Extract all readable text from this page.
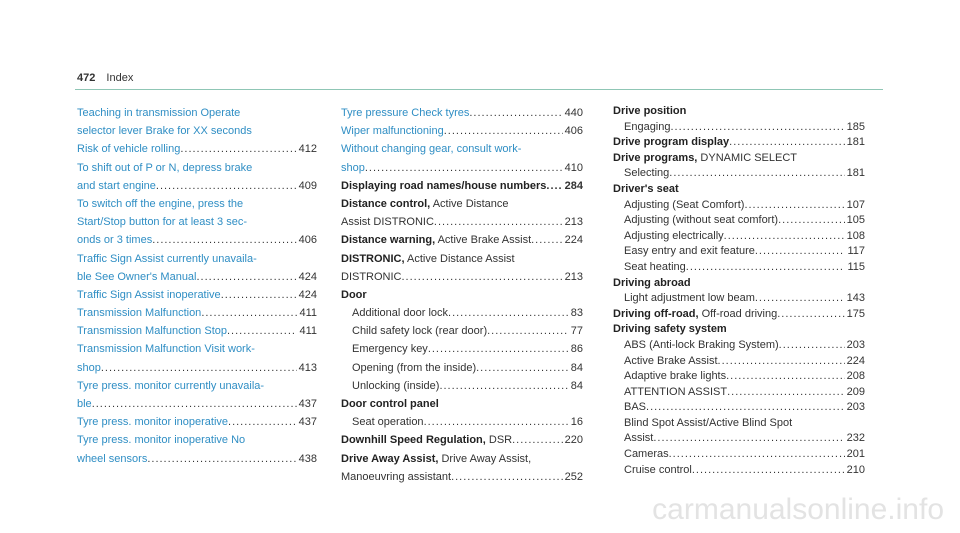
472 Index
Teaching in transmission Operate
selector lever Brake for XX seconds
Risk of vehicle rolling .....	412
To shift out of P or N, depress brake
and start engine .....	409
To switch off the engine, press the
Start/Stop button for at least 3 sec-
onds or 3 times .....	406
Traffic Sign Assist currently unavaila-
ble See Owner's Manual .....	424
Traffic Sign Assist inoperative .....	424
Transmission Malfunction .....	411
Transmission Malfunction Stop .....	411
Transmission Malfunction Visit work-
shop .....	413
Tyre press. monitor currently unavaila-
ble .....	437
Tyre press. monitor inoperative .....	437
Tyre press. monitor inoperative No
wheel sensors .....	438
Tyre pressure Check tyres .....	440
Wiper malfunctioning .....	406
Without changing gear, consult work-
shop .....	410
Displaying road names/house numbers ..... 284
Distance control, Active Distance
Assist DISTRONIC .....	213
Distance warning, Active Brake Assist .....	224
DISTRONIC, Active Distance Assist
DISTRONIC .....	213
Door
Additional door lock .....	83
Child safety lock (rear door) .....	77
Emergency key .....	86
Opening (from the inside) .....	84
Unlocking (inside) .....	84
Door control panel
Seat operation .....	16
Downhill Speed Regulation, DSR .....	220
Drive Away Assist, Drive Away Assist,
Manoeuvring assistant .....	252
Drive position
Engaging .....	185
Drive program display .....	181
Drive programs, DYNAMIC SELECT
Selecting .....	181
Driver's seat
Adjusting (Seat Comfort) .....	107
Adjusting (without seat comfort) .....	105
Adjusting electrically .....	108
Easy entry and exit feature .....	117
Seat heating .....	115
Driving abroad
Light adjustment low beam .....	143
Driving off-road, Off-road driving .....	175
Driving safety system
ABS (Anti-lock Braking System) .....	203
Active Brake Assist .....	224
Adaptive brake lights .....	208
ATTENTION ASSIST .....	209
BAS .....	203
Blind Spot Assist/Active Blind Spot
Assist .....	232
Cameras .....	201
Cruise control .....	210
carmanualsonline.info
